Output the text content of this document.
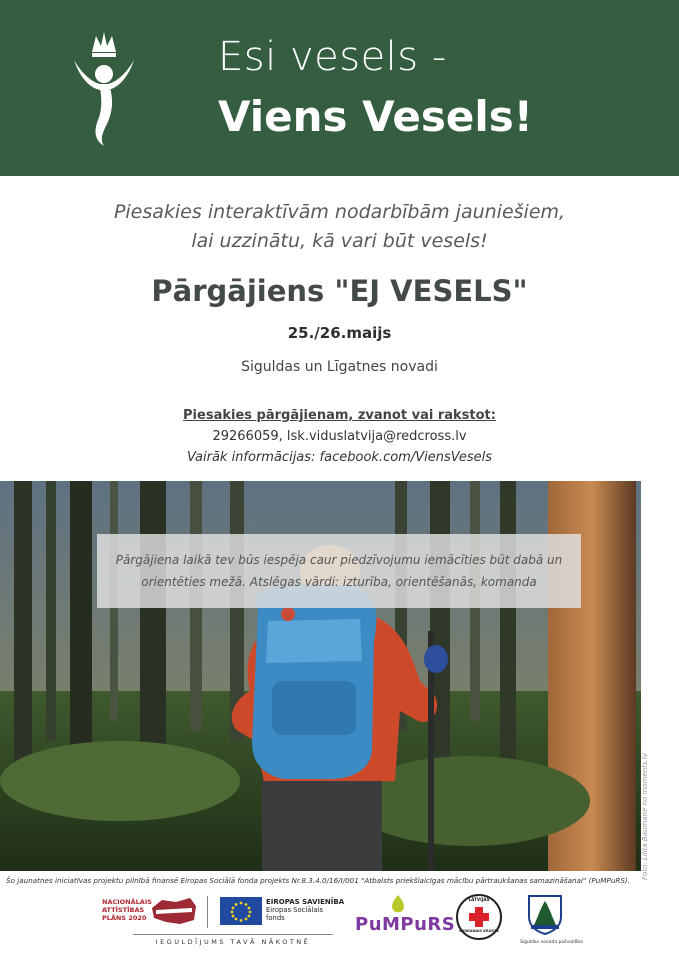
Esi vesels -
Viens Vesels!
Piesakies interaktīvām nodarbībām jauniešiem,
lai uzzinātu, kā vari būt vesels!
Pārgājiens "EJ VESELS"
25./26.maijs
Siguldas un Līgatnes novadi
Piesakies pārgājienam, zvanot vai rakstot:
29266059, lsk.viduslatvija@redcross.lv
Vairāk informācijas: facebook.com/ViensVesels
Pārgājiena laikā tev būs iespēja caur piedzīvojumu iemācīties būt dabā un orientēties mežā. Atslēgas vārdi: izturība, orientēšanās, komanda
Foto: Lilita Baumane no moments.lv
Šo jaunatnes iniciatīvas projektu pilnībā finansē Eiropas Sociālā fonda projekts Nr.8.3.4.0/16/I/001 "Atbalsts priekšlaicīgas mācību pārtraukšanas samazināšanai" (PuMPuRS).
NACIONĀLAIS
ATTĪSTĪBAS
PLĀNS 2020
EIROPAS SAVIENĪBA
Eiropas Sociālais
fonds
IEGULDĪJUMS TAVĀ NĀKOTNĒ
PuMPuRS
LATVIJAS
SARKANAIS KRUSTS
Siguldas novada pašvaldība
